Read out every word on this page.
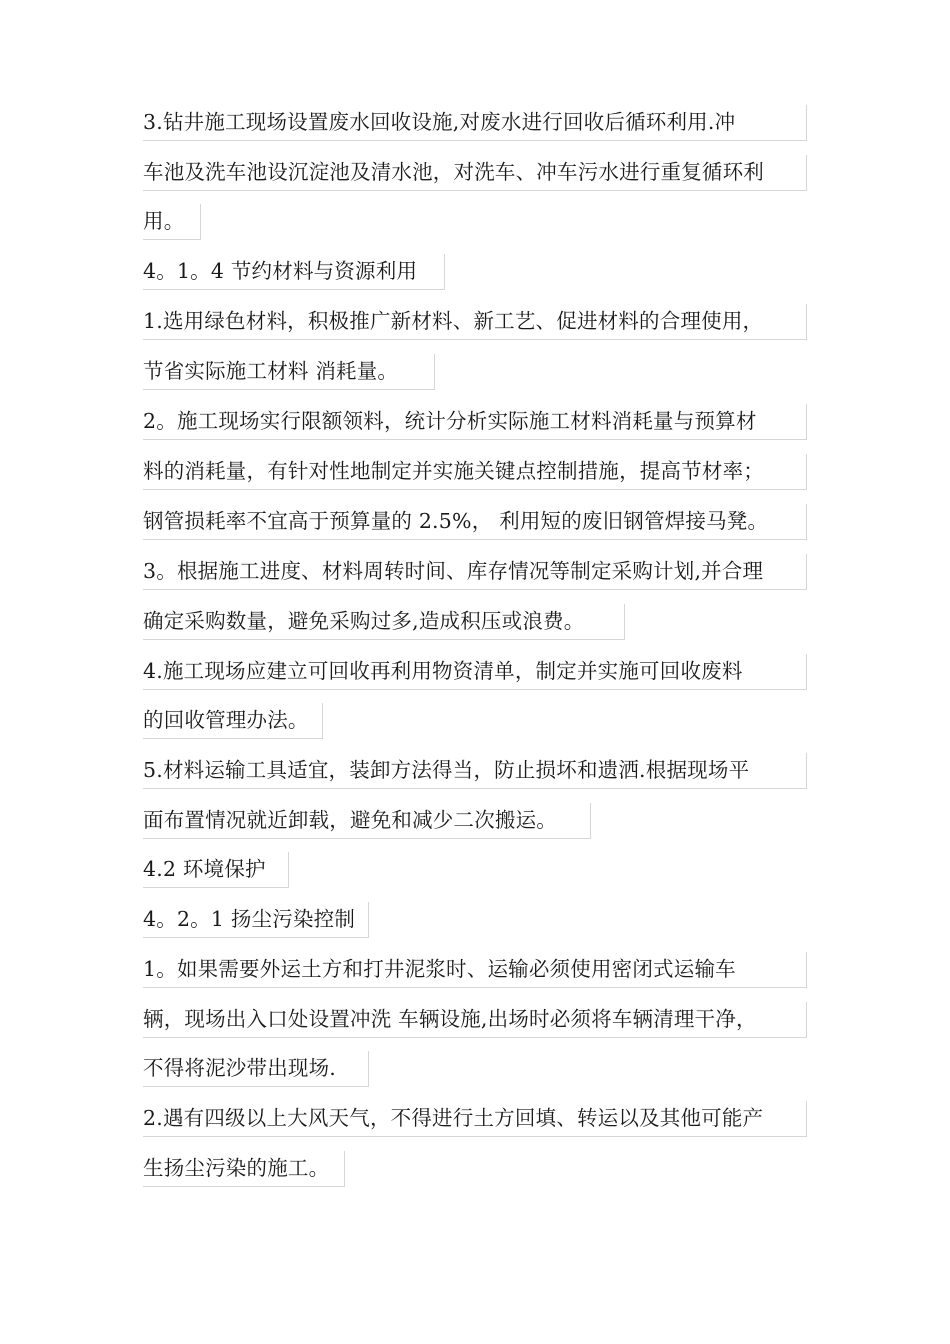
3.钻井施工现场设置废水回收设施,对废水进行回收后循环利用.冲
车池及洗车池设沉淀池及清水池，对洗车、冲车污水进行重复循环利
用。
4。1。4 节约材料与资源利用
1.选用绿色材料，积极推广新材料、新工艺、促进材料的合理使用，
节省实际施工材料 消耗量。
2。施工现场实行限额领料，统计分析实际施工材料消耗量与预算材
料的消耗量，有针对性地制定并实施关键点控制措施，提高节材率；
钢管损耗率不宜高于预算量的 2.5%， 利用短的废旧钢管焊接马凳。
3。根据施工进度、材料周转时间、库存情况等制定采购计划,并合理
确定采购数量，避免采购过多,造成积压或浪费。
4.施工现场应建立可回收再利用物资清单，制定并实施可回收废料
的回收管理办法。
5.材料运输工具适宜，装卸方法得当，防止损坏和遗洒.根据现场平
面布置情况就近卸载，避免和减少二次搬运。
4.2 环境保护
4。2。1 扬尘污染控制
1。如果需要外运土方和打井泥浆时、运输必须使用密闭式运输车
辆，现场出入口处设置冲洗 车辆设施,出场时必须将车辆清理干净，
不得将泥沙带出现场.
2.遇有四级以上大风天气，不得进行土方回填、转运以及其他可能产
生扬尘污染的施工。
